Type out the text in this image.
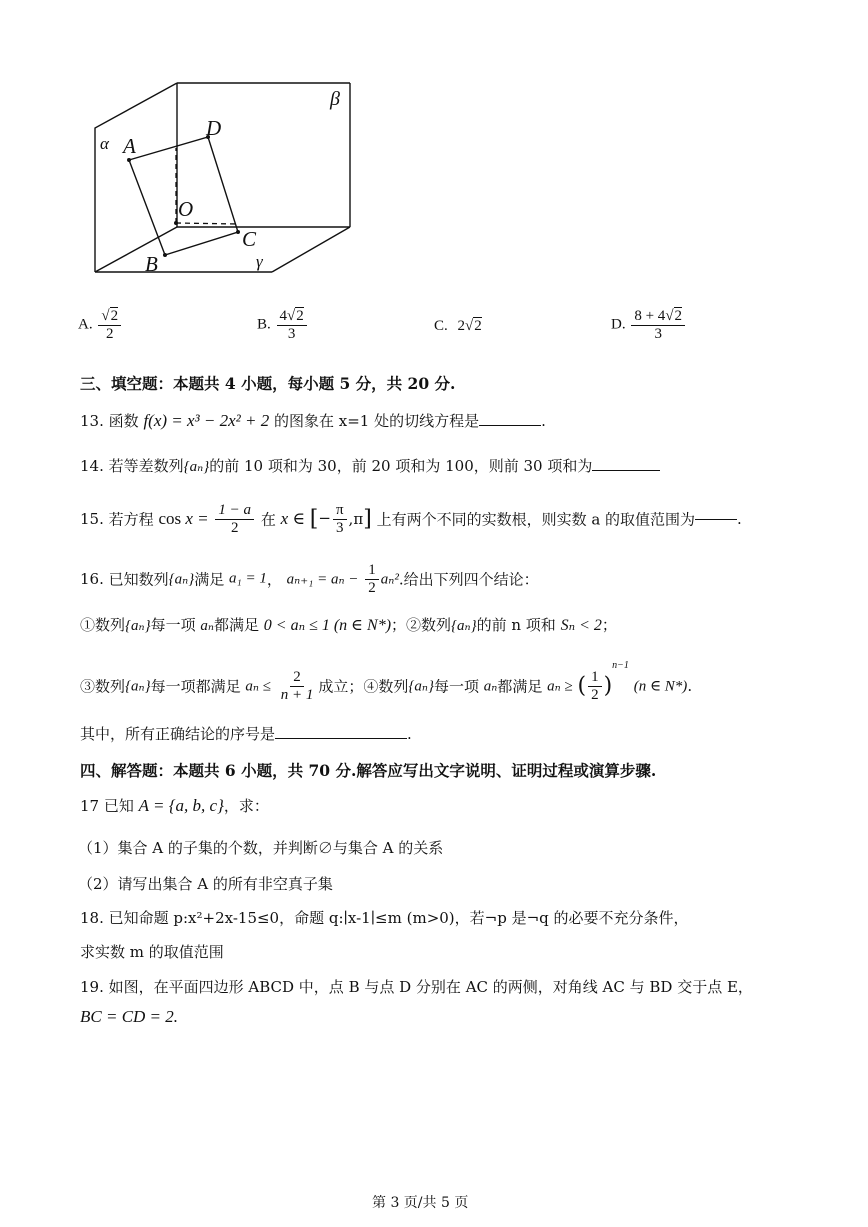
β
α A
D
O
C
B	γ
A. $\frac{√2}{2}$	B. $\frac{4√2}{3}$	C. 2√2	D. $\frac{8 + 4√2}{3}$
三、填空题：本题共 4 小题，每小题 5 分，共 20 分.
13. 函数 f(x) = x³ − 2x² + 2 的图象在 x=1 处的切线方程是	.
14. 若等差数列{aₙ}的前 10 项和为 30，前 20 项和为 100，则前 30 项和为
15. 若方程 $\cos x = \frac{1 - a}{2}$ 在 x ∈ [− $\frac{\pi}{3} ,\pi$] 上有两个不同的实数根，则实数 a 的取值范围为	.
16. 已知数列{aₙ}满足 a₁ = 1， $a_{n+1} = a_n - \frac{1}{2} a_n^2$.给出下列四个结论：
①数列{aₙ}每一项 aₙ都满足 0 < aₙ ≤ 1 (n ∈ N*)；②数列{aₙ}的前 n 项和 Sₙ < 2；
③数列{aₙ}每一项都满足 $a_n \le \frac{2}{n + 1}$ 成立；④数列{aₙ}每一项 aₙ都满足 aₙ ≥ ( $\frac{1}{2} )^{n-1}$ (n ∈ N*).
其中，所有正确结论的序号是	.
四、解答题：本题共 6 小题，共 70 分.解答应写出文字说明、证明过程或演算步骤.
17 已知 A = {a, b, c}，求：
（1）集合 A 的子集的个数，并判断∅与集合 A 的关系
（2）请写出集合 A 的所有非空真子集
18. 已知命题 p:x²+2x-15≤0，命题 q:∣x-1∣≤m (m>0)，若¬p 是¬q 的必要不充分条件，
求实数 m 的取值范围
19. 如图，在平面四边形 ABCD 中，点 B 与点 D 分别在 AC 的两侧，对角线 AC 与 BD 交于点 E，
BC = CD = 2.
第 3 页/共 5 页
